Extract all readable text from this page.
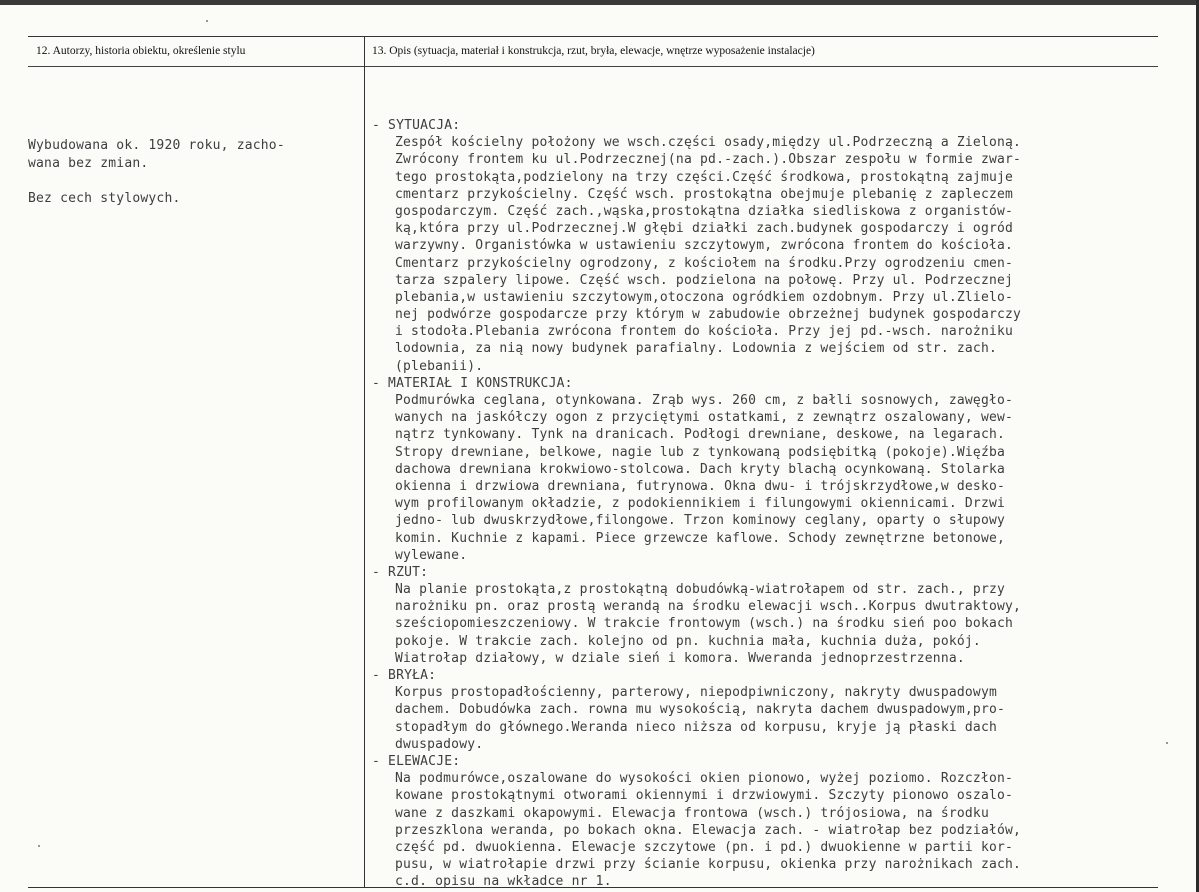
12. Autorzy, historia obiektu, określenie stylu	13. Opis (sytuacja, materiał i konstrukcja, rzut, bryła, elewacje, wnętrze wyposażenie instalacje)
Wybudowana ok. 1920 roku, zacho-
wana bez zmian.
Bez cech stylowych.
- SYTUACJA:
Zespół kościelny położony we wsch.części osady,między ul.Podrzeczną a Zieloną.
Zwrócony frontem ku ul.Podrzecznej(na pd.-zach.).Obszar zespołu w formie zwar-
tego prostokąta,podzielony na trzy części.Część środkowa, prostokątną zajmuje
cmentarz przykościelny. Część wsch. prostokątna obejmuje plebanię z zapleczem
gospodarczym. Część zach.,wąska,prostokątna działka siedliskowa z organistów-
ką,która przy ul.Podrzecznej.W głębi działki zach.budynek gospodarczy i ogród
warzywny. Organistówka w ustawieniu szczytowym, zwrócona frontem do kościoła.
Cmentarz przykościelny ogrodzony, z kościołem na środku.Przy ogrodzeniu cmen-
tarza szpalery lipowe. Część wsch. podzielona na połowę. Przy ul. Podrzecznej
plebania,w ustawieniu szczytowym,otoczona ogródkiem ozdobnym. Przy ul.Zlielo-
nej podwórze gospodarcze przy którym w zabudowie obrzeżnej budynek gospodarczy
i stodoła.Plebania zwrócona frontem do kościoła. Przy jej pd.-wsch. narożniku
lodownia, za nią nowy budynek parafialny. Lodownia z wejściem od str. zach.
(plebanii).
- MATERIAŁ I KONSTRUKCJA:
Podmurówka ceglana, otynkowana. Zrąb wys. 260 cm, z bałli sosnowych, zawęgło-
wanych na jaskółczy ogon z przyciętymi ostatkami, z zewnątrz oszalowany, wew-
nątrz tynkowany. Tynk na dranicach. Podłogi drewniane, deskowe, na legarach.
Stropy drewniane, belkowe, nagie lub z tynkowaną podsiębitką (pokoje).Więźba
dachowa drewniana krokwiowo-stolcowa. Dach kryty blachą ocynkowaną. Stolarka
okienna i drzwiowa drewniana, futrynowa. Okna dwu- i trójskrzydłowe,w desko-
wym profilowanym okładzie, z podokiennikiem i filungowymi okiennicami. Drzwi
jedno- lub dwuskrzydłowe,filongowe. Trzon kominowy ceglany, oparty o słupowy
komin. Kuchnie z kapami. Piece grzewcze kaflowe. Schody zewnętrzne betonowe,
wylewane.
- RZUT:
Na planie prostokąta,z prostokątną dobudówką-wiatrołapem od str. zach., przy
narożniku pn. oraz prostą werandą na środku elewacji wsch..Korpus dwutraktowy,
sześciopomieszczeniowy. W trakcie frontowym (wsch.) na środku sień poo bokach
pokoje. W trakcie zach. kolejno od pn. kuchnia mała, kuchnia duża, pokój.
Wiatrołap działowy, w dziale sień i komora. Wweranda jednoprzestrzenna.
- BRYŁA:
Korpus prostopadłościenny, parterowy, niepodpiwniczony, nakryty dwuspadowym
dachem. Dobudówka zach. rowna mu wysokością, nakryta dachem dwuspadowym,pro-
stopadłym do głównego.Weranda nieco niższa od korpusu, kryje ją płaski dach
dwuspadowy.
- ELEWACJE:
Na podmurówce,oszalowane do wysokości okien pionowo, wyżej poziomo. Rozczłon-
kowane prostokątnymi otworami okiennymi i drzwiowymi. Szczyty pionowo oszalo-
wane z daszkami okapowymi. Elewacja frontowa (wsch.) trójosiowa, na środku
przeszklona weranda, po bokach okna. Elewacja zach. - wiatrołap bez podziałów,
część pd. dwuokienna. Elewacje szczytowe (pn. i pd.) dwuokienne w partii kor-
pusu, w wiatrołapie drzwi przy ścianie korpusu, okienka przy narożnikach zach.
c.d. opisu na wkładce nr 1.
